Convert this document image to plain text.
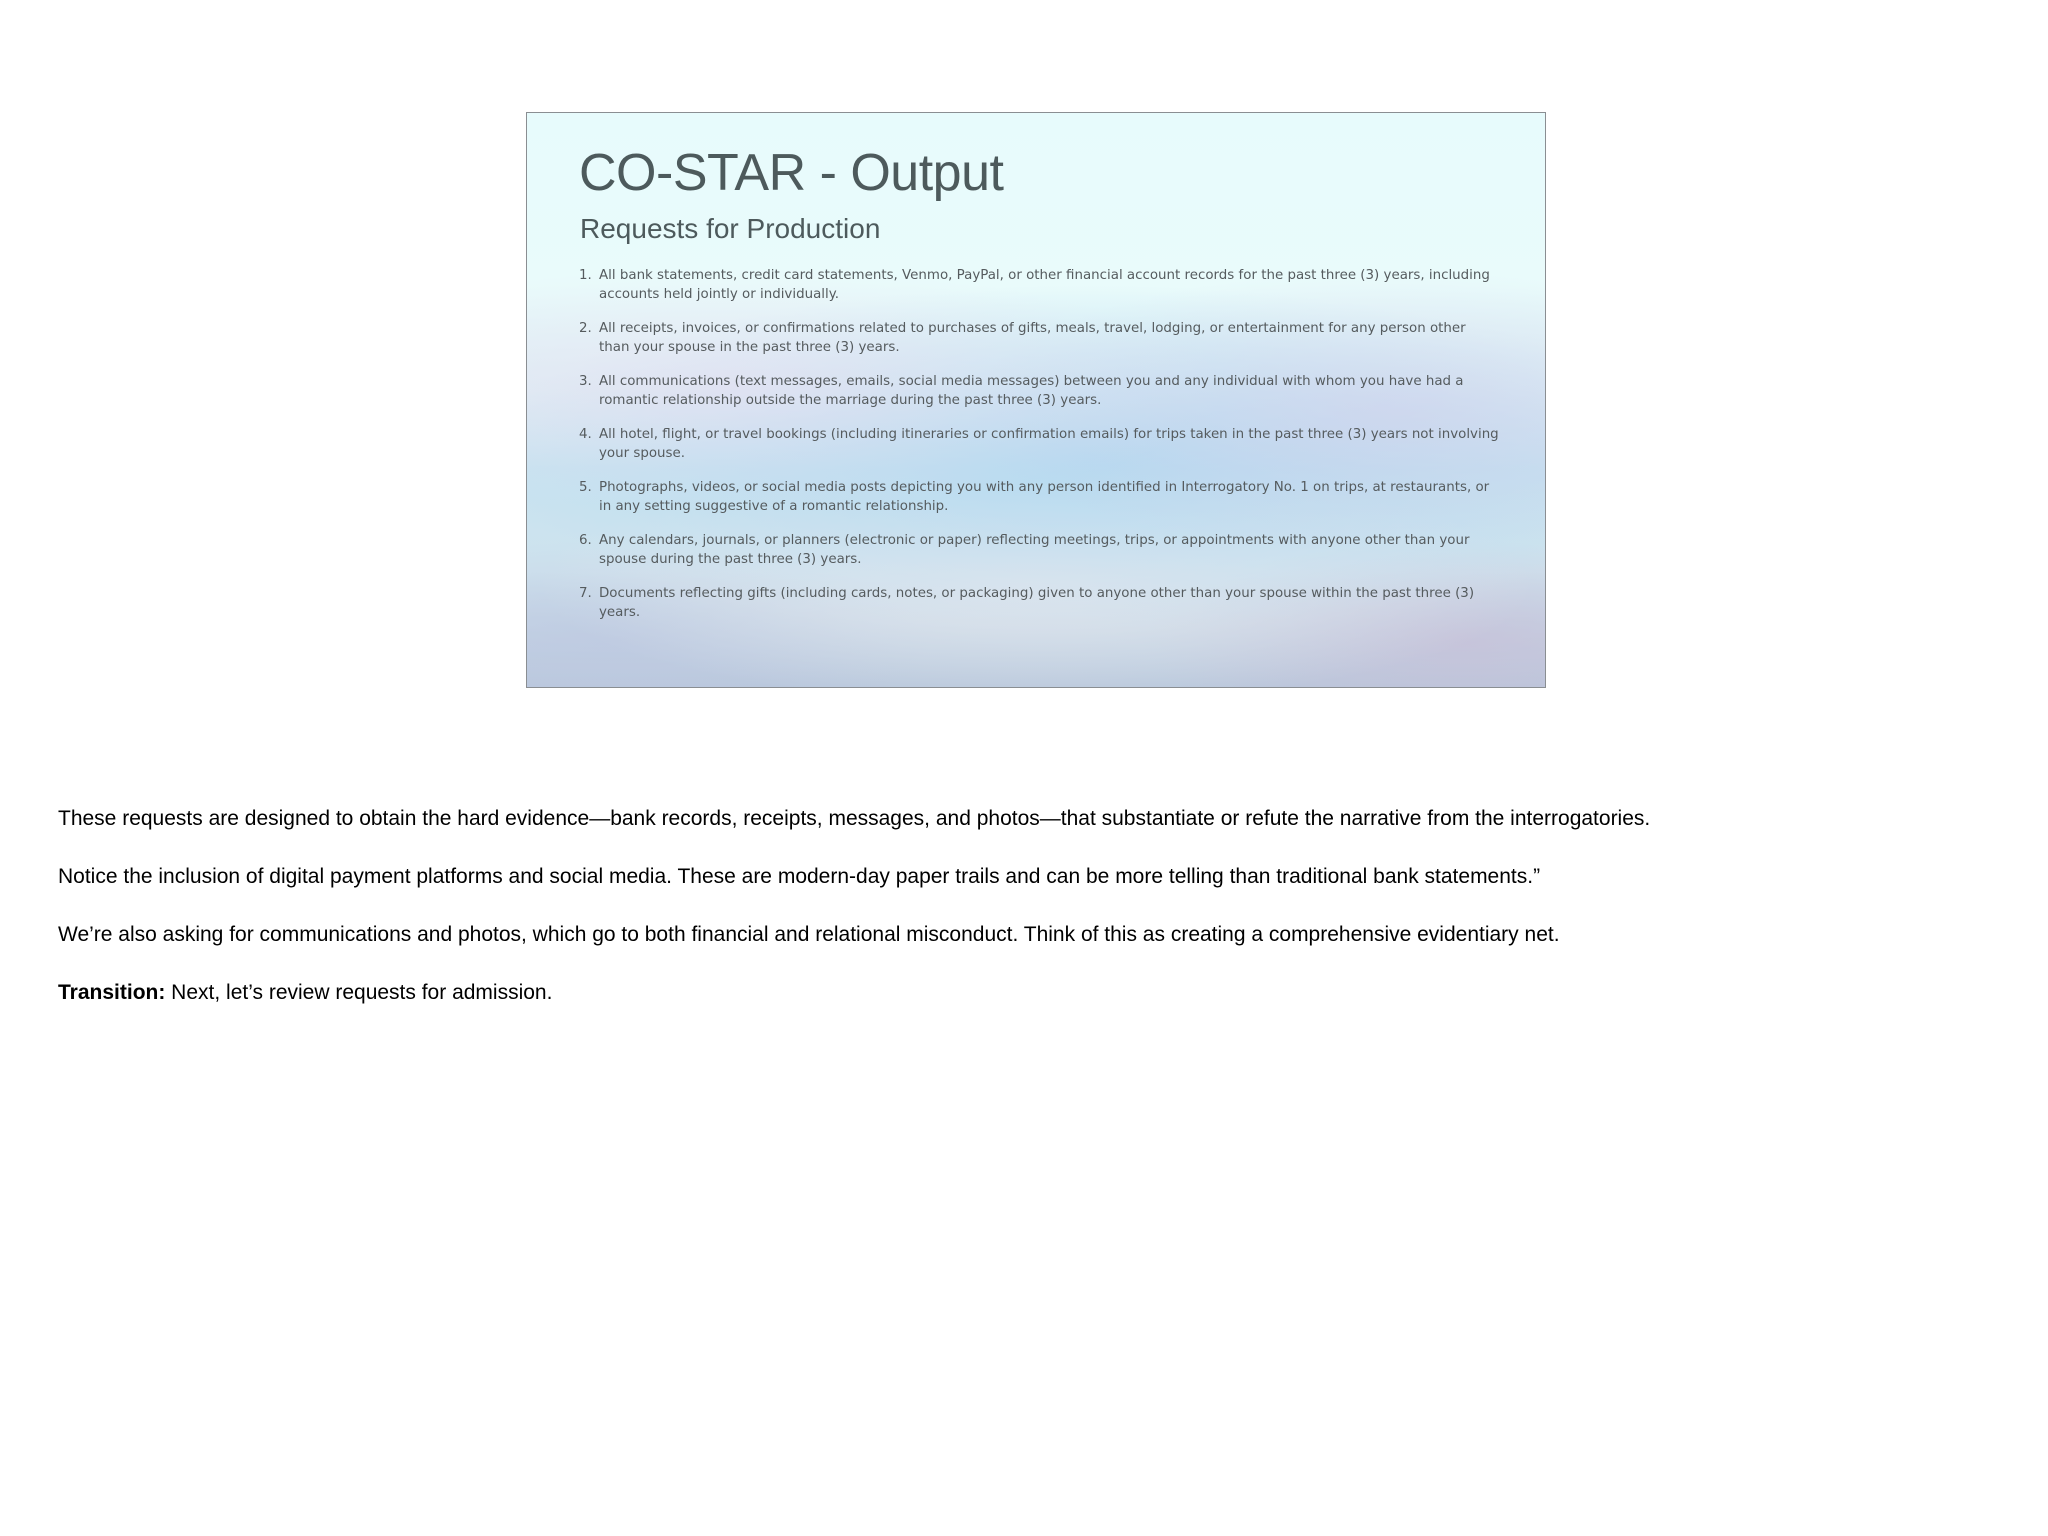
CO-STAR - Output
Requests for Production
1. All bank statements, credit card statements, Venmo, PayPal, or other financial account records for the past three (3) years, including accounts held jointly or individually.
2. All receipts, invoices, or confirmations related to purchases of gifts, meals, travel, lodging, or entertainment for any person other than your spouse in the past three (3) years.
3. All communications (text messages, emails, social media messages) between you and any individual with whom you have had a romantic relationship outside the marriage during the past three (3) years.
4. All hotel, flight, or travel bookings (including itineraries or confirmation emails) for trips taken in the past three (3) years not involving your spouse.
5. Photographs, videos, or social media posts depicting you with any person identified in Interrogatory No. 1 on trips, at restaurants, or in any setting suggestive of a romantic relationship.
6. Any calendars, journals, or planners (electronic or paper) reflecting meetings, trips, or appointments with anyone other than your spouse during the past three (3) years.
7. Documents reflecting gifts (including cards, notes, or packaging) given to anyone other than your spouse within the past three (3) years.

These requests are designed to obtain the hard evidence—bank records, receipts, messages, and photos—that substantiate or refute the narrative from the interrogatories.

Notice the inclusion of digital payment platforms and social media. These are modern-day paper trails and can be more telling than traditional bank statements.”

We’re also asking for communications and photos, which go to both financial and relational misconduct. Think of this as creating a comprehensive evidentiary net.

Transition: Next, let’s review requests for admission.
